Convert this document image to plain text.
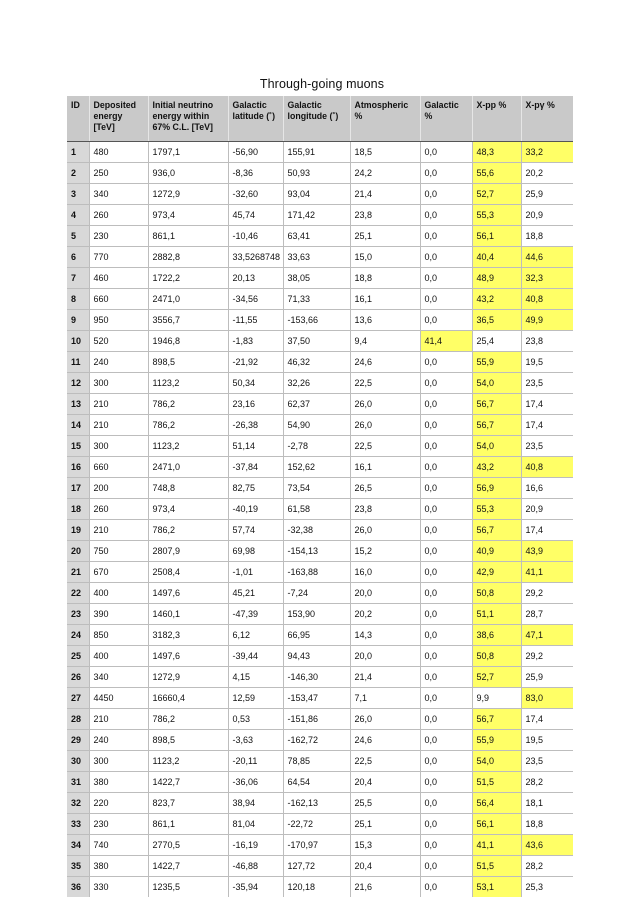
Through-going muons
ID	Deposited energy [TeV]	Initial neutrino energy within 67% C.L. [TeV]	Galactic latitude (˚)	Galactic longitude (˚)	Atmospheric %	Galactic %	X-pp %	X-pγ %
1	480	1797,1	-56,90	155,91	18,5	0,0	48,3	33,2
2	250	936,0	-8,36	50,93	24,2	0,0	55,6	20,2
3	340	1272,9	-32,60	93,04	21,4	0,0	52,7	25,9
4	260	973,4	45,74	171,42	23,8	0,0	55,3	20,9
5	230	861,1	-10,46	63,41	25,1	0,0	56,1	18,8
6	770	2882,8	33,5268748	33,63	15,0	0,0	40,4	44,6
7	460	1722,2	20,13	38,05	18,8	0,0	48,9	32,3
8	660	2471,0	-34,56	71,33	16,1	0,0	43,2	40,8
9	950	3556,7	-11,55	-153,66	13,6	0,0	36,5	49,9
10	520	1946,8	-1,83	37,50	9,4	41,4	25,4	23,8
11	240	898,5	-21,92	46,32	24,6	0,0	55,9	19,5
12	300	1123,2	50,34	32,26	22,5	0,0	54,0	23,5
13	210	786,2	23,16	62,37	26,0	0,0	56,7	17,4
14	210	786,2	-26,38	54,90	26,0	0,0	56,7	17,4
15	300	1123,2	51,14	-2,78	22,5	0,0	54,0	23,5
16	660	2471,0	-37,84	152,62	16,1	0,0	43,2	40,8
17	200	748,8	82,75	73,54	26,5	0,0	56,9	16,6
18	260	973,4	-40,19	61,58	23,8	0,0	55,3	20,9
19	210	786,2	57,74	-32,38	26,0	0,0	56,7	17,4
20	750	2807,9	69,98	-154,13	15,2	0,0	40,9	43,9
21	670	2508,4	-1,01	-163,88	16,0	0,0	42,9	41,1
22	400	1497,6	45,21	-7,24	20,0	0,0	50,8	29,2
23	390	1460,1	-47,39	153,90	20,2	0,0	51,1	28,7
24	850	3182,3	6,12	66,95	14,3	0,0	38,6	47,1
25	400	1497,6	-39,44	94,43	20,0	0,0	50,8	29,2
26	340	1272,9	4,15	-146,30	21,4	0,0	52,7	25,9
27	4450	16660,4	12,59	-153,47	7,1	0,0	9,9	83,0
28	210	786,2	0,53	-151,86	26,0	0,0	56,7	17,4
29	240	898,5	-3,63	-162,72	24,6	0,0	55,9	19,5
30	300	1123,2	-20,11	78,85	22,5	0,0	54,0	23,5
31	380	1422,7	-36,06	64,54	20,4	0,0	51,5	28,2
32	220	823,7	38,94	-162,13	25,5	0,0	56,4	18,1
33	230	861,1	81,04	-22,72	25,1	0,0	56,1	18,8
34	740	2770,5	-16,19	-170,97	15,3	0,0	41,1	43,6
35	380	1422,7	-46,88	127,72	20,4	0,0	51,5	28,2
36	330	1235,5	-35,94	120,18	21,6	0,0	53,1	25,3
